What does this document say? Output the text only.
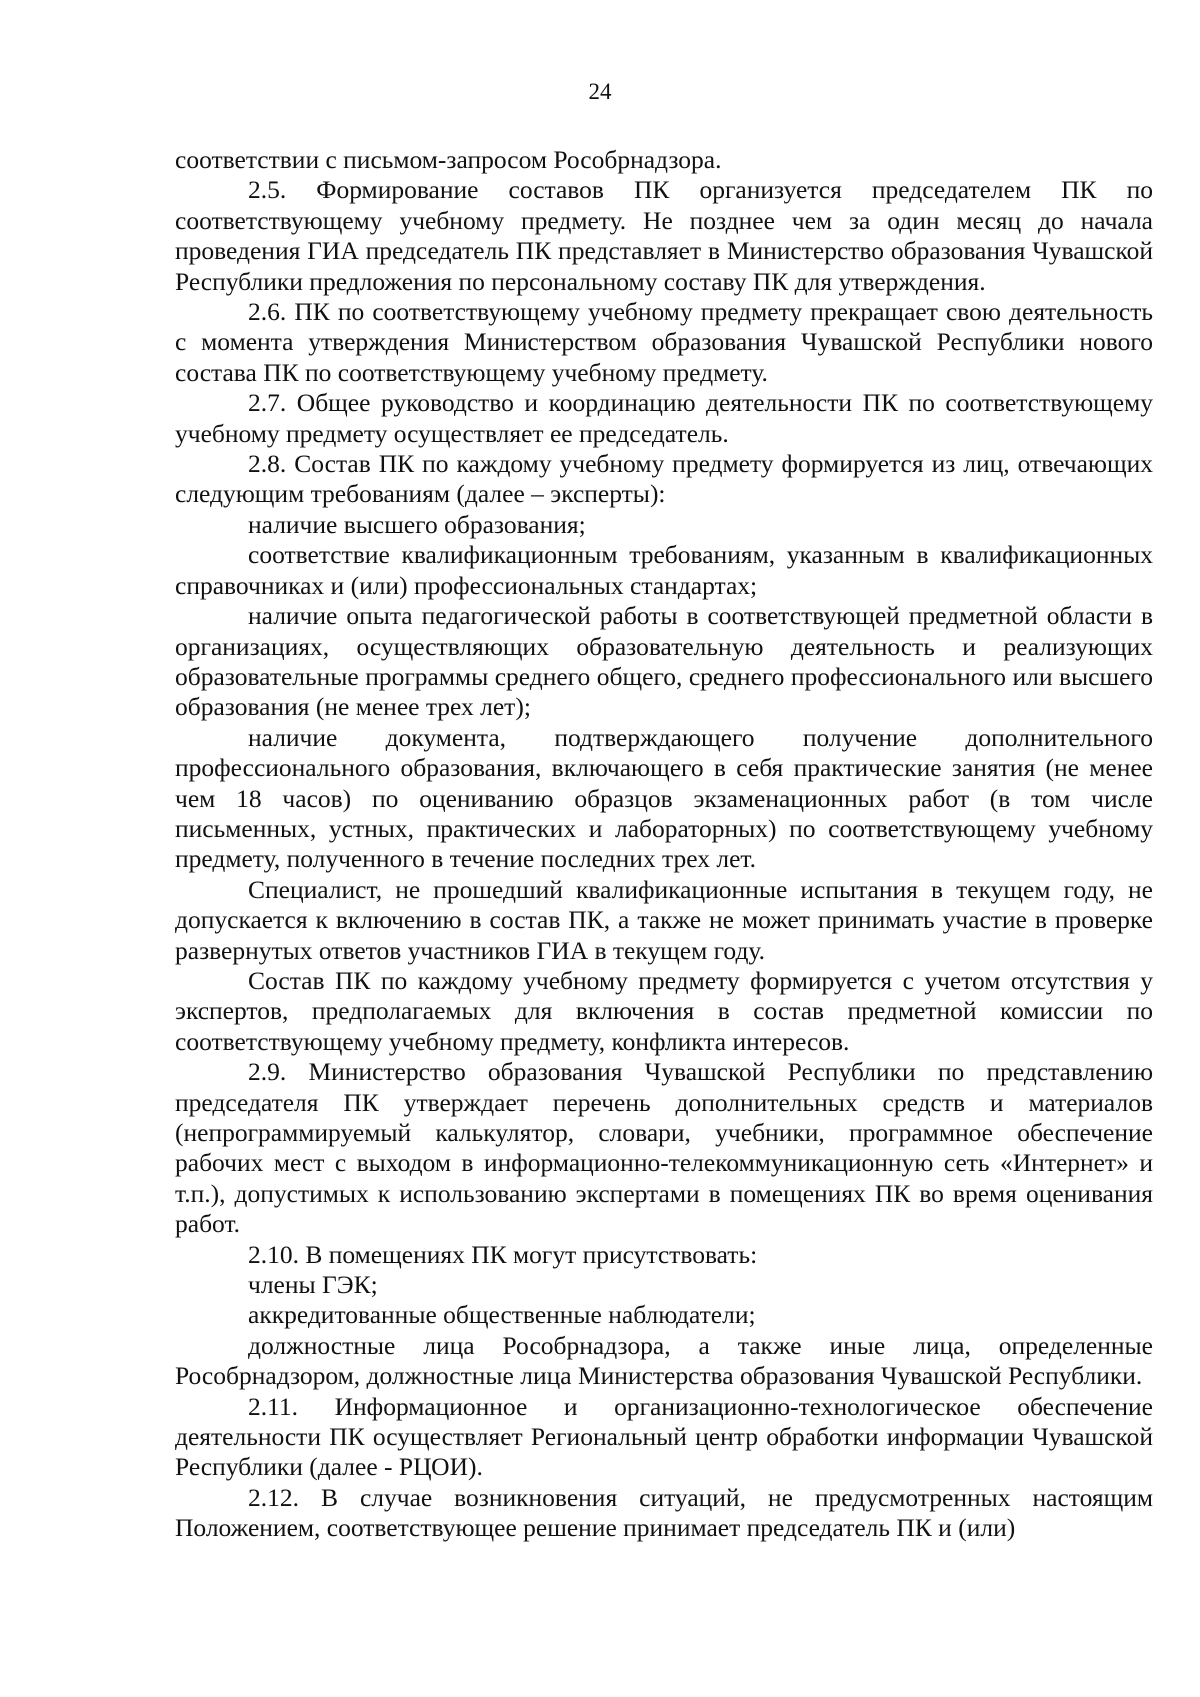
24

соответствии с письмом-запросом Рособрнадзора.

2.5. Формирование составов ПК организуется председателем ПК по соответствующему учебному предмету. Не позднее чем за один месяц до начала проведения ГИА председатель ПК представляет в Министерство образования Чувашской Республики предложения по персональному составу ПК для утверждения.

2.6. ПК по соответствующему учебному предмету прекращает свою деятельность с момента утверждения Министерством образования Чувашской Республики нового состава ПК по соответствующему учебному предмету.

2.7. Общее руководство и координацию деятельности ПК по соответствующему учебному предмету осуществляет ее председатель.

2.8. Состав ПК по каждому учебному предмету формируется из лиц, отвечающих следующим требованиям (далее – эксперты):

наличие высшего образования;

соответствие квалификационным требованиям, указанным в квалификационных справочниках и (или) профессиональных стандартах;

наличие опыта педагогической работы в соответствующей предметной области в организациях, осуществляющих образовательную деятельность и реализующих образовательные программы среднего общего, среднего профессионального или высшего образования (не менее трех лет);

наличие документа, подтверждающего получение дополнительного профессионального образования, включающего в себя практические занятия (не менее чем 18 часов) по оцениванию образцов экзаменационных работ (в том числе письменных, устных, практических и лабораторных) по соответствующему учебному предмету, полученного в течение последних трех лет.

Специалист, не прошедший квалификационные испытания в текущем году, не допускается к включению в состав ПК, а также не может принимать участие в проверке развернутых ответов участников ГИА в текущем году.

Состав ПК по каждому учебному предмету формируется с учетом отсутствия у экспертов, предполагаемых для включения в состав предметной комиссии по соответствующему учебному предмету, конфликта интересов.

2.9. Министерство образования Чувашской Республики по представлению председателя ПК утверждает перечень дополнительных средств и материалов (непрограммируемый калькулятор, словари, учебники, программное обеспечение рабочих мест с выходом в информационно-телекоммуникационную сеть «Интернет» и т.п.), допустимых к использованию экспертами в помещениях ПК во время оценивания работ.

2.10. В помещениях ПК могут присутствовать:

члены ГЭК;

аккредитованные общественные наблюдатели;

должностные лица Рособрнадзора, а также иные лица, определенные Рособрнадзором, должностные лица Министерства образования Чувашской Республики.

2.11. Информационное и организационно-технологическое обеспечение деятельности ПК осуществляет Региональный центр обработки информации Чувашской Республики (далее - РЦОИ).

2.12. В случае возникновения ситуаций, не предусмотренных настоящим Положением, соответствующее решение принимает председатель ПК и (или)
